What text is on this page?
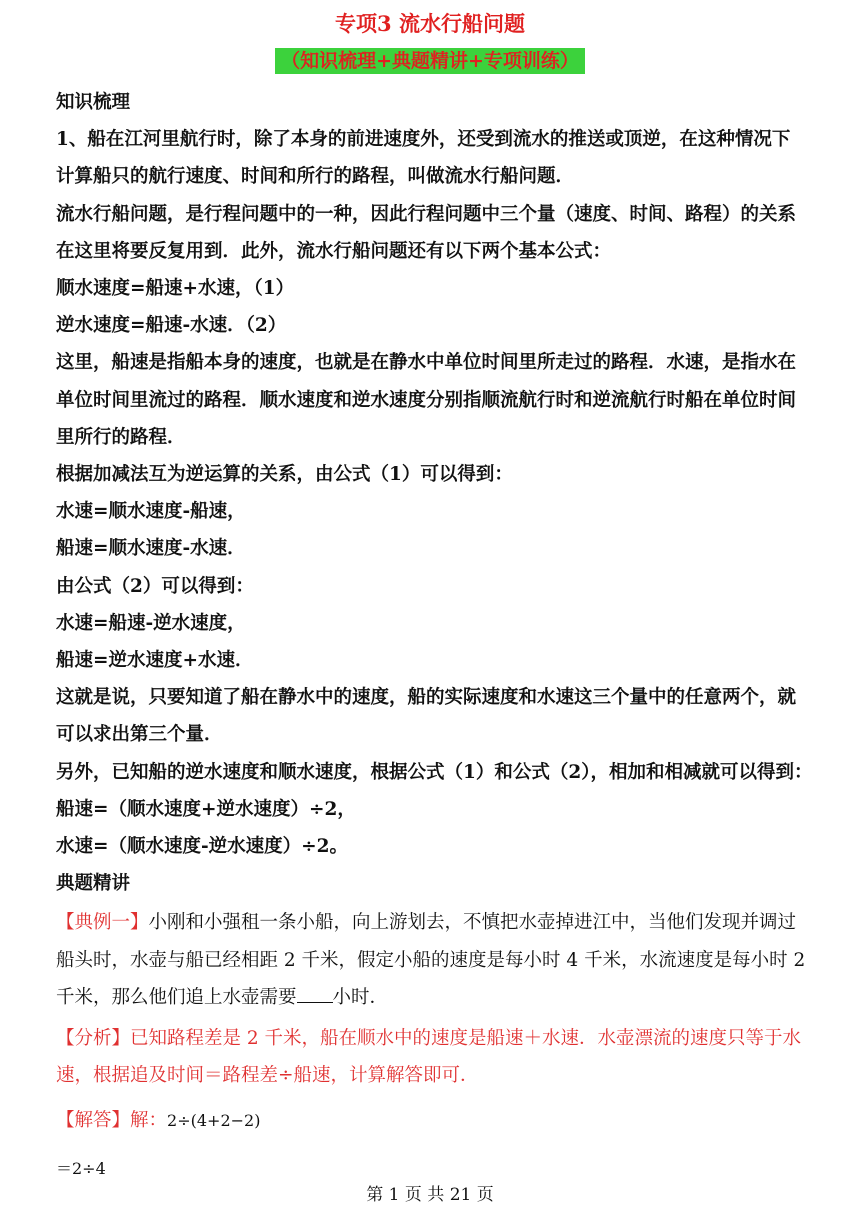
专项3 流水行船问题
（知识梳理+典题精讲+专项训练）
知识梳理
1、船在江河里航行时，除了本身的前进速度外，还受到流水的推送或顶逆，在这种情况下
计算船只的航行速度、时间和所行的路程，叫做流水行船问题．
流水行船问题，是行程问题中的一种，因此行程问题中三个量（速度、时间、路程）的关系
在这里将要反复用到．此外，流水行船问题还有以下两个基本公式：
顺水速度=船速+水速，（1）
逆水速度=船速-水速．（2）
这里，船速是指船本身的速度，也就是在静水中单位时间里所走过的路程．水速，是指水在
单位时间里流过的路程．顺水速度和逆水速度分别指顺流航行时和逆流航行时船在单位时间
里所行的路程．
根据加减法互为逆运算的关系，由公式（1）可以得到：
水速=顺水速度-船速，
船速=顺水速度-水速．
由公式（2）可以得到：
水速=船速-逆水速度，
船速=逆水速度+水速．
这就是说，只要知道了船在静水中的速度，船的实际速度和水速这三个量中的任意两个，就
可以求出第三个量．
另外，已知船的逆水速度和顺水速度，根据公式（1）和公式（2），相加和相减就可以得到：
船速=（顺水速度+逆水速度）÷2，
水速=（顺水速度-逆水速度）÷2。
典题精讲
【典例一】小刚和小强租一条小船，向上游划去，不慎把水壶掉进江中，当他们发现并调过
船头时，水壶与船已经相距 2 千米，假定小船的速度是每小时 4 千米，水流速度是每小时 2
千米，那么他们追上水壶需要 小时．
【分析】已知路程差是 2 千米，船在顺水中的速度是船速＋水速．水壶漂流的速度只等于水
速，根据追及时间＝路程差÷船速，计算解答即可．
【解答】解：2÷(4+2−2)
＝2÷4
第 1 页 共 21 页
